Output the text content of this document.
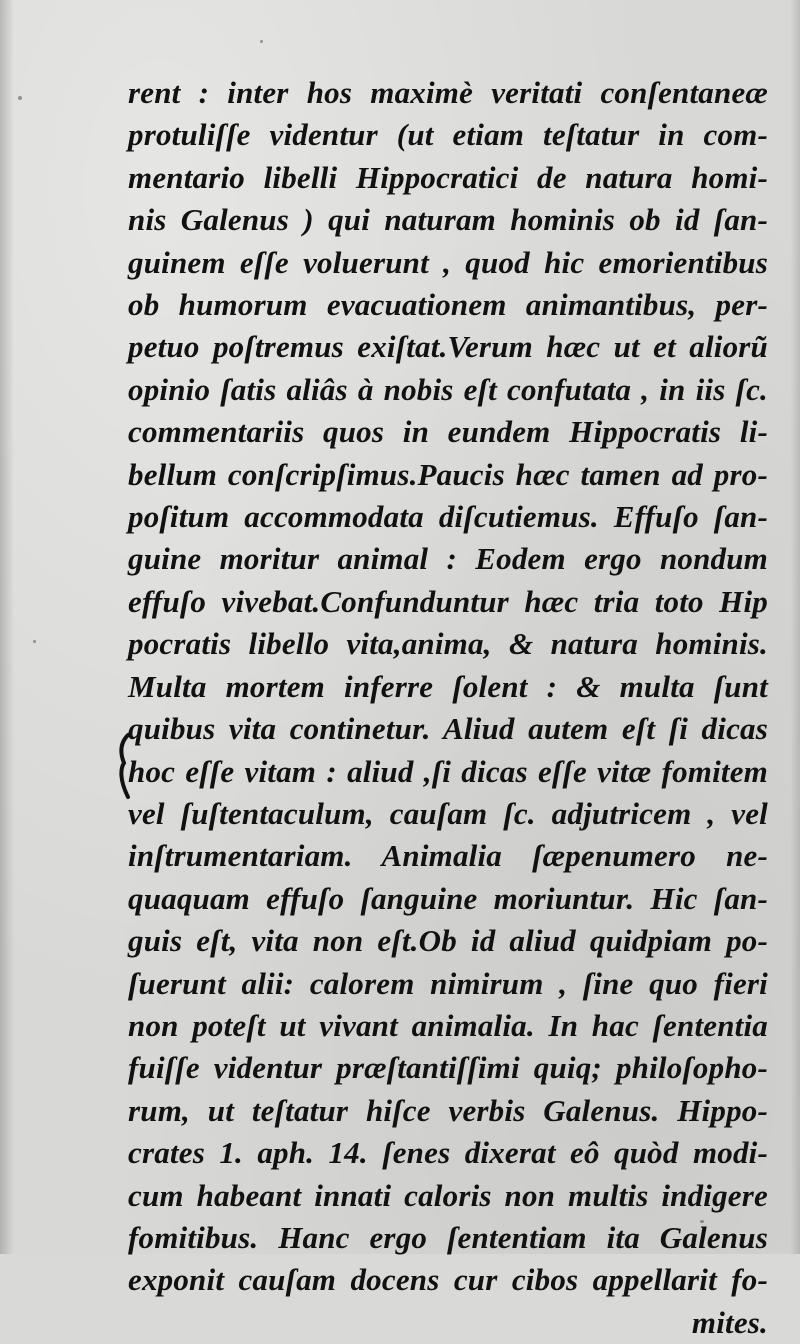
rent : inter hos maximè veritati conſentaneæ
protuliſſe videntur (ut etiam teſtatur in com-
mentario libelli Hippocratici de natura homi-
nis Galenus ) qui naturam hominis ob id ſan-
guinem eſſe voluerunt , quod hic emorientibus
ob humorum evacuationem animantibus, per-
petuo poſtremus exiſtat.Verum hæc ut et aliorũ
opinio ſatis aliâs à nobis eſt confutata , in iis ſc.
commentariis quos in eundem Hippocratis li-
bellum conſcripſimus.Paucis hæc tamen ad pro-
poſitum accommodata diſcutiemus. Effuſo ſan-
guine moritur animal : Eodem ergo nondum
effuſo vivebat.Confunduntur hæc tria toto Hip
pocratis libello vita,anima, & natura hominis.
Multa mortem inferre ſolent : & multa ſunt
quibus vita continetur. Aliud autem eſt ſi dicas
hoc eſſe vitam : aliud ,ſi dicas eſſe vitæ fomitem
vel ſuſtentaculum, cauſam ſc. adjutricem , vel
inſtrumentariam. Animalia ſæpenumero ne-
quaquam effuſo ſanguine moriuntur. Hic ſan-
guis eſt, vita non eſt.Ob id aliud quidpiam po-
ſuerunt alii: calorem nimirum , ſine quo fieri
non poteſt ut vivant animalia. In hac ſententia
fuiſſe videntur præſtantiſſimi quiq; philoſopho-
rum, ut teſtatur hiſce verbis Galenus. Hippo-
crates 1. aph. 14. ſenes dixerat eô quòd modi-
cum habeant innati caloris non multis indigere
fomitibus. Hanc ergo ſententiam ita Galenus
exponit cauſam docens cur cibos appellarit fo-
mites.
